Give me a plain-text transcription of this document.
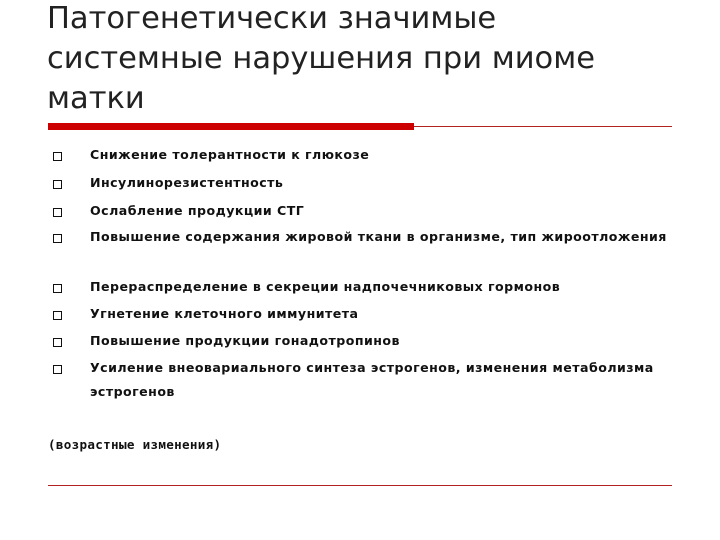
Патогенетически значимые
системные нарушения при миоме
матки
Снижение толерантности к глюкозе
Инсулинорезистентность
Ослабление продукции СТГ
Повышение содержания жировой ткани в организме, тип жироотложения
Перераспределение в секреции надпочечниковых гормонов
Угнетение клеточного иммунитета
Повышение продукции гонадотропинов
Усиление внеовариального синтеза эстрогенов, изменения метаболизма эстрогенов
(возрастные изменения)
